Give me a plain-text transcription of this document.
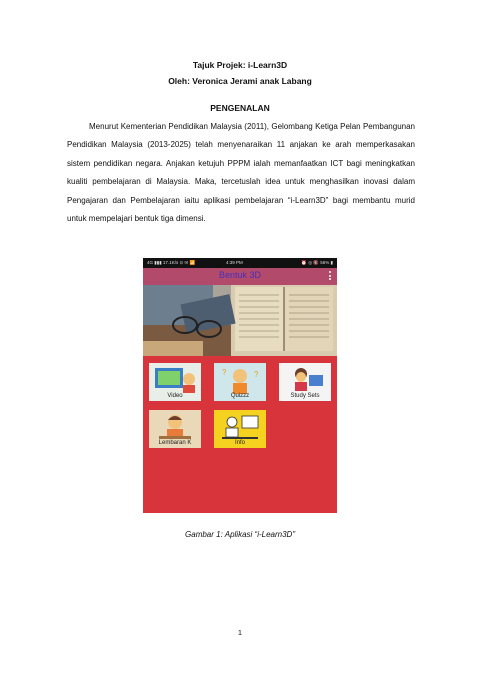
Tajuk Projek: i-Learn3D
Oleh: Veronica Jerami anak Labang
PENGENALAN
Menurut Kementerian Pendidikan Malaysia (2011), Gelombang Ketiga Pelan Pembangunan Pendidikan Malaysia (2013-2025) telah menyenaraikan 11 anjakan ke arah memperkasakan sistem pendidikan negara. Anjakan ketujuh PPPM ialah memanfaatkan ICT bagi meningkatkan kualiti pembelajaran di Malaysia. Maka, tercetuslah idea untuk menghasilkan inovasi dalam Pengajaran dan Pembelajaran iaitu aplikasi pembelajaran “i-Learn3D” bagi membantu murid untuk mempelajari bentuk tiga dimensi.
4G ▮▮▮ 17.1K/s ⊙ ✉ 📶	4:39 PM	⏰ ◎ 🔇 56% ▮
Bentuk 3D
Video
?	?
Quizzz	Study Sets
Lembaran K	Info
Gambar 1: Aplikasi “i-Learn3D”
1
